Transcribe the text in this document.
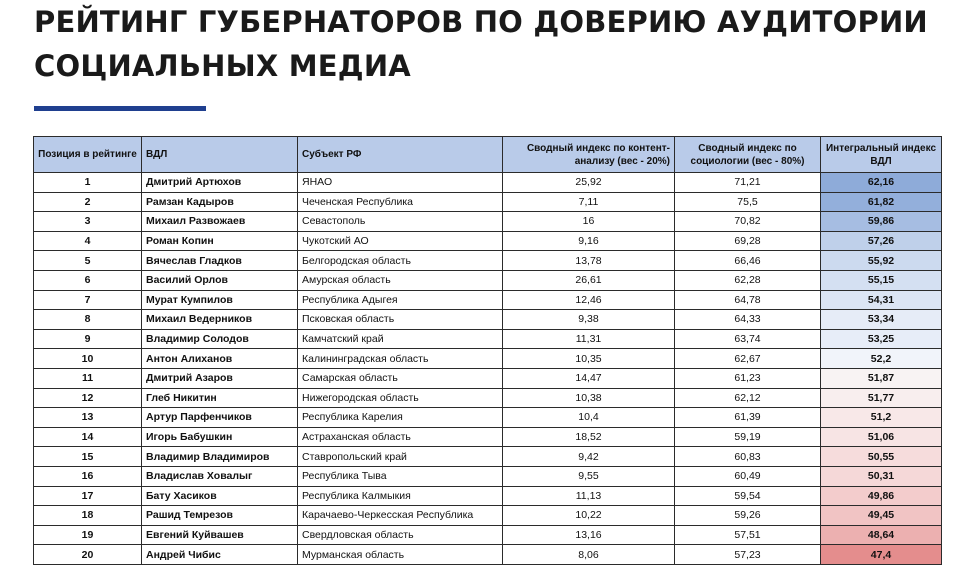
РЕЙТИНГ ГУБЕРНАТОРОВ ПО ДОВЕРИЮ АУДИТОРИИ
СОЦИАЛЬНЫХ МЕДИА
Позиция в рейтинге	ВДЛ	Субъект РФ	Сводный индекс по контент-анализу (вес - 20%)	Сводный индекс по социологии (вес - 80%)	Интегральный индекс ВДЛ
1	Дмитрий Артюхов	ЯНАО	25,92	71,21	62,16
2	Рамзан Кадыров	Чеченская Республика	7,11	75,5	61,82
3	Михаил Развожаев	Севастополь	16	70,82	59,86
4	Роман Копин	Чукотский АО	9,16	69,28	57,26
5	Вячеслав Гладков	Белгородская область	13,78	66,46	55,92
6	Василий Орлов	Амурская область	26,61	62,28	55,15
7	Мурат Кумпилов	Республика Адыгея	12,46	64,78	54,31
8	Михаил Ведерников	Псковская область	9,38	64,33	53,34
9	Владимир Солодов	Камчатский край	11,31	63,74	53,25
10	Антон Алиханов	Калининградская область	10,35	62,67	52,2
11	Дмитрий Азаров	Самарская область	14,47	61,23	51,87
12	Глеб Никитин	Нижегородская область	10,38	62,12	51,77
13	Артур Парфенчиков	Республика Карелия	10,4	61,39	51,2
14	Игорь Бабушкин	Астраханская область	18,52	59,19	51,06
15	Владимир Владимиров	Ставропольский край	9,42	60,83	50,55
16	Владислав Ховалыг	Республика Тыва	9,55	60,49	50,31
17	Бату Хасиков	Республика Калмыкия	11,13	59,54	49,86
18	Рашид Темрезов	Карачаево-Черкесская Республика	10,22	59,26	49,45
19	Евгений Куйвашев	Свердловская область	13,16	57,51	48,64
20	Андрей Чибис	Мурманская область	8,06	57,23	47,4
